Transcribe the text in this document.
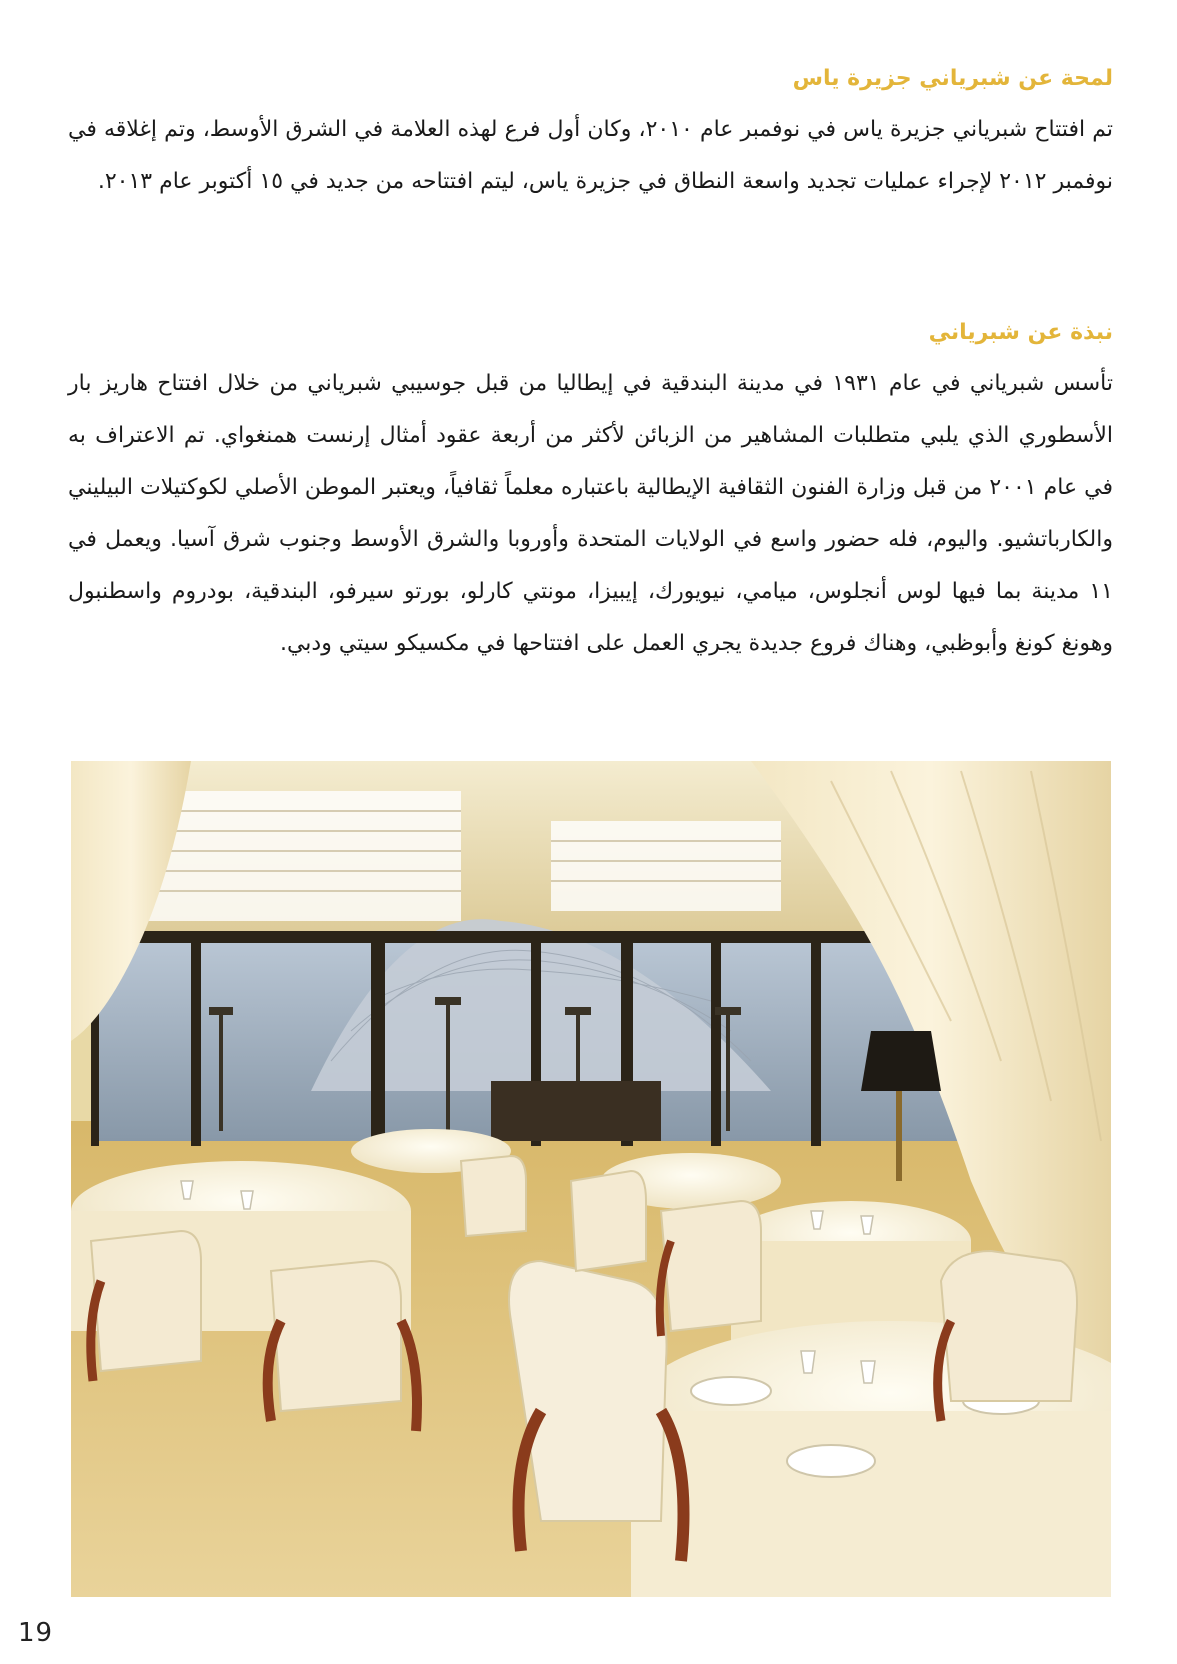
لمحة عن شبرياني جزيرة ياس

تم افتتاح شبرياني جزيرة ياس في نوفمبر عام ٢٠١٠، وكان أول فرع لهذه العلامة في الشرق الأوسط، وتم إغلاقه في نوفمبر ٢٠١٢ لإجراء عمليات تجديد واسعة النطاق في جزيرة ياس، ليتم افتتاحه من جديد في ١٥ أكتوبر عام ٢٠١٣.

نبذة عن شبرياني

تأسس شبرياني في عام ١٩٣١ في مدينة البندقية في إيطاليا من قبل جوسيبي شبرياني من خلال افتتاح هاريز بار الأسطوري الذي يلبي متطلبات المشاهير من الزبائن لأكثر من أربعة عقود أمثال إرنست همنغواي. تم الاعتراف به في عام ٢٠٠١ من قبل وزارة الفنون الثقافية الإيطالية باعتباره معلماً ثقافياً، ويعتبر الموطن الأصلي لكوكتيلات البيليني والكارباتشيو. واليوم، فله حضور واسع في الولايات المتحدة وأوروبا والشرق الأوسط وجنوب شرق آسيا. ويعمل في ١١ مدينة بما فيها لوس أنجلوس، ميامي، نيويورك، إيبيزا، مونتي كارلو، بورتو سيرفو، البندقية، بودروم واسطنبول وهونغ كونغ وأبوظبي، وهناك فروع جديدة يجري العمل على افتتاحها في مكسيكو سيتي ودبي.

19
